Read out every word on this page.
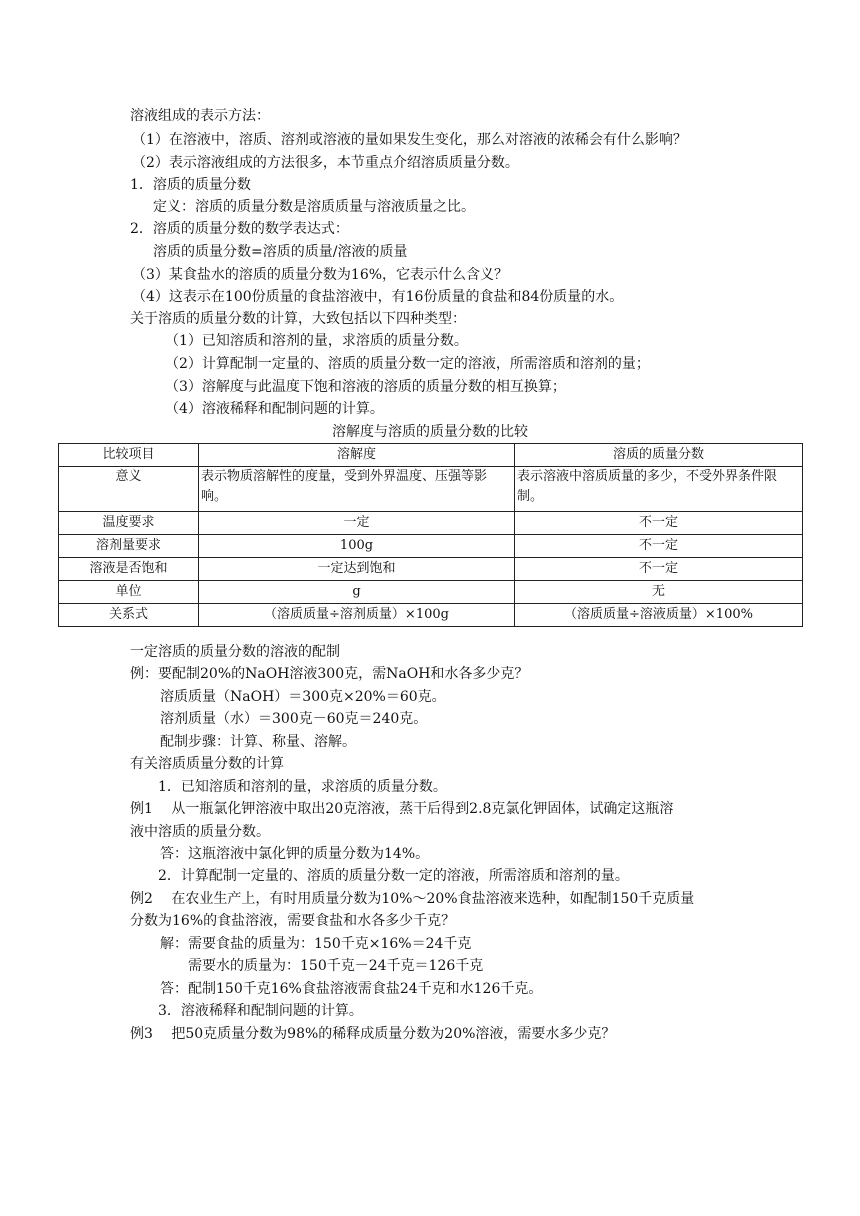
溶液组成的表示方法：
（1）在溶液中，溶质、溶剂或溶液的量如果发生变化，那么对溶液的浓稀会有什么影响？
（2）表示溶液组成的方法很多，本节重点介绍溶质质量分数。
1．溶质的质量分数
定义：溶质的质量分数是溶质质量与溶液质量之比。
2．溶质的质量分数的数学表达式：
溶质的质量分数=溶质的质量/溶液的质量
（3）某食盐水的溶质的质量分数为16%，它表示什么含义？
（4）这表示在100份质量的食盐溶液中，有16份质量的食盐和84份质量的水。
关于溶质的质量分数的计算，大致包括以下四种类型：
（1）已知溶质和溶剂的量，求溶质的质量分数。
（2）计算配制一定量的、溶质的质量分数一定的溶液，所需溶质和溶剂的量；
（3）溶解度与此温度下饱和溶液的溶质的质量分数的相互换算；
（4）溶液稀释和配制问题的计算。
溶解度与溶质的质量分数的比较
比较项目	溶解度	溶质的质量分数
意义	表示物质溶解性的度量，受到外界温度、压强等影响。	表示溶液中溶质质量的多少，不受外界条件限制。
温度要求	一定	不一定
溶剂量要求	100g	不一定
溶液是否饱和	一定达到饱和	不一定
单位	g	无
关系式	（溶质质量÷溶剂质量）×100g	（溶质质量÷溶液质量）×100%
一定溶质的质量分数的溶液的配制
例：要配制20%的NaOH溶液300克，需NaOH和水各多少克？
溶质质量（NaOH）＝300克×20%＝60克。
溶剂质量（水）＝300克－60克＝240克。
配制步骤：计算、称量、溶解。
有关溶质质量分数的计算
1．已知溶质和溶剂的量，求溶质的质量分数。
例1　 从一瓶氯化钾溶液中取出20克溶液，蒸干后得到2.8克氯化钾固体，试确定这瓶溶
液中溶质的质量分数。
答：这瓶溶液中氯化钾的质量分数为14%。
2．计算配制一定量的、溶质的质量分数一定的溶液，所需溶质和溶剂的量。
例2　 在农业生产上，有时用质量分数为10%～20%食盐溶液来选种，如配制150千克质量
分数为16%的食盐溶液，需要食盐和水各多少千克？
解：需要食盐的质量为：150千克×16%＝24千克
需要水的质量为：150千克－24千克＝126千克
答：配制150千克16%食盐溶液需食盐24千克和水126千克。
3．溶液稀释和配制问题的计算。
例3　 把50克质量分数为98%的稀释成质量分数为20%溶液，需要水多少克？
